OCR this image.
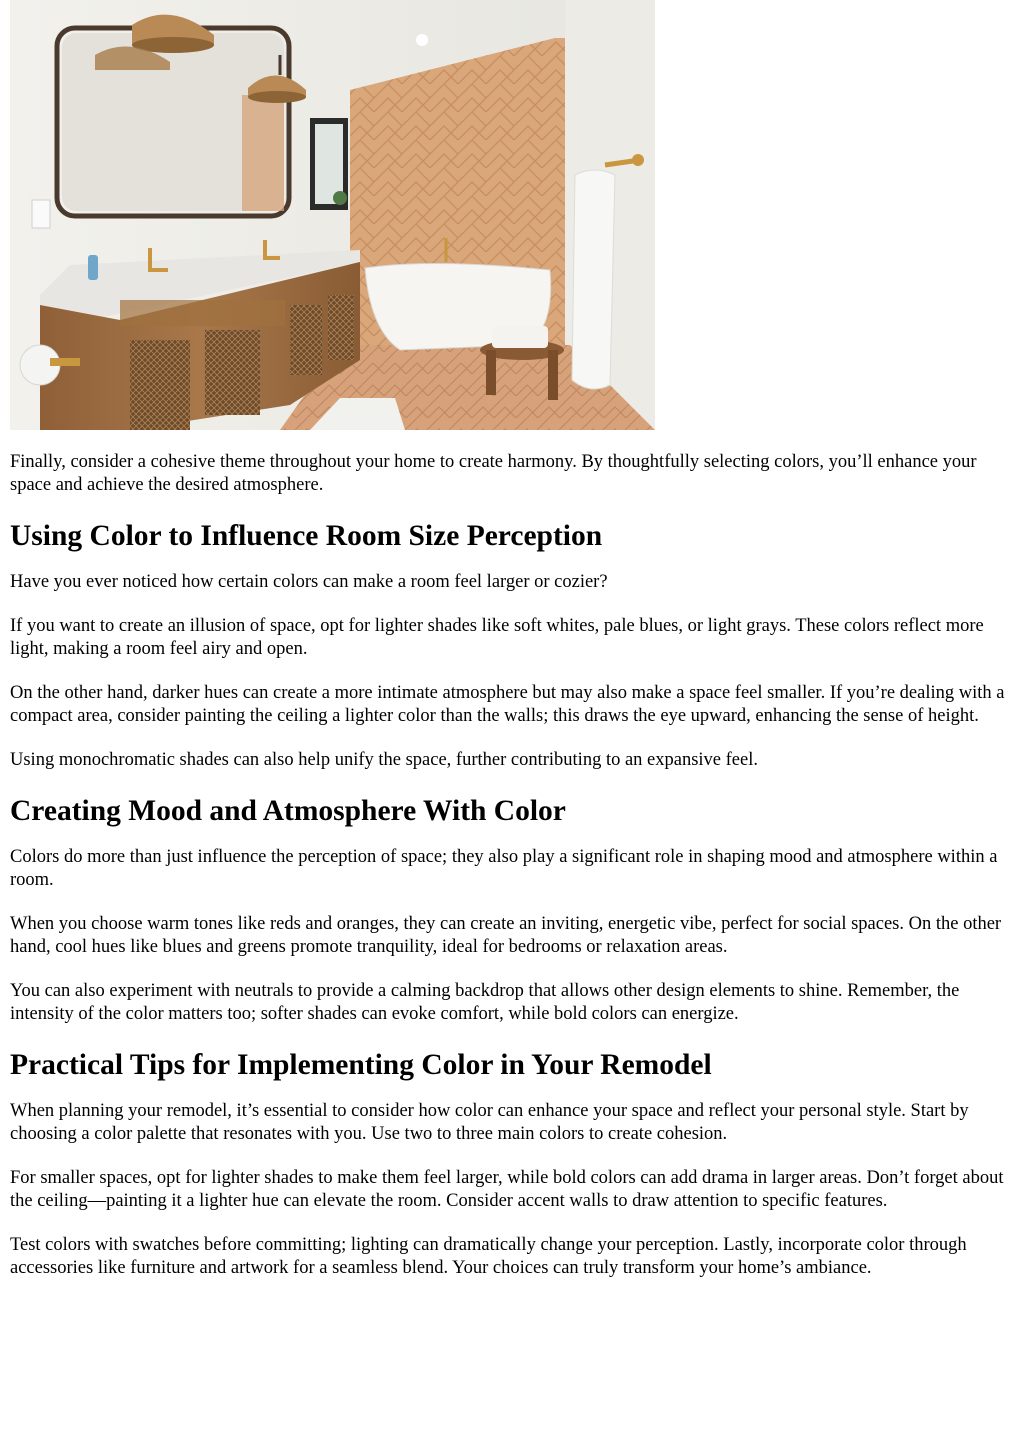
Finally, consider a cohesive theme throughout your home to create harmony. By thoughtfully selecting colors, you’ll enhance your space and achieve the desired atmosphere.

Using Color to Influence Room Size Perception

Have you ever noticed how certain colors can make a room feel larger or cozier?

If you want to create an illusion of space, opt for lighter shades like soft whites, pale blues, or light grays. These colors reflect more light, making a room feel airy and open.

On the other hand, darker hues can create a more intimate atmosphere but may also make a space feel smaller. If you’re dealing with a compact area, consider painting the ceiling a lighter color than the walls; this draws the eye upward, enhancing the sense of height.

Using monochromatic shades can also help unify the space, further contributing to an expansive feel.

Creating Mood and Atmosphere With Color

Colors do more than just influence the perception of space; they also play a significant role in shaping mood and atmosphere within a room.

When you choose warm tones like reds and oranges, they can create an inviting, energetic vibe, perfect for social spaces. On the other hand, cool hues like blues and greens promote tranquility, ideal for bedrooms or relaxation areas.

You can also experiment with neutrals to provide a calming backdrop that allows other design elements to shine. Remember, the intensity of the color matters too; softer shades can evoke comfort, while bold colors can energize.

Practical Tips for Implementing Color in Your Remodel

When planning your remodel, it’s essential to consider how color can enhance your space and reflect your personal style. Start by choosing a color palette that resonates with you. Use two to three main colors to create cohesion.

For smaller spaces, opt for lighter shades to make them feel larger, while bold colors can add drama in larger areas. Don’t forget about the ceiling—painting it a lighter hue can elevate the room. Consider accent walls to draw attention to specific features.

Test colors with swatches before committing; lighting can dramatically change your perception. Lastly, incorporate color through accessories like furniture and artwork for a seamless blend. Your choices can truly transform your home’s ambiance.
